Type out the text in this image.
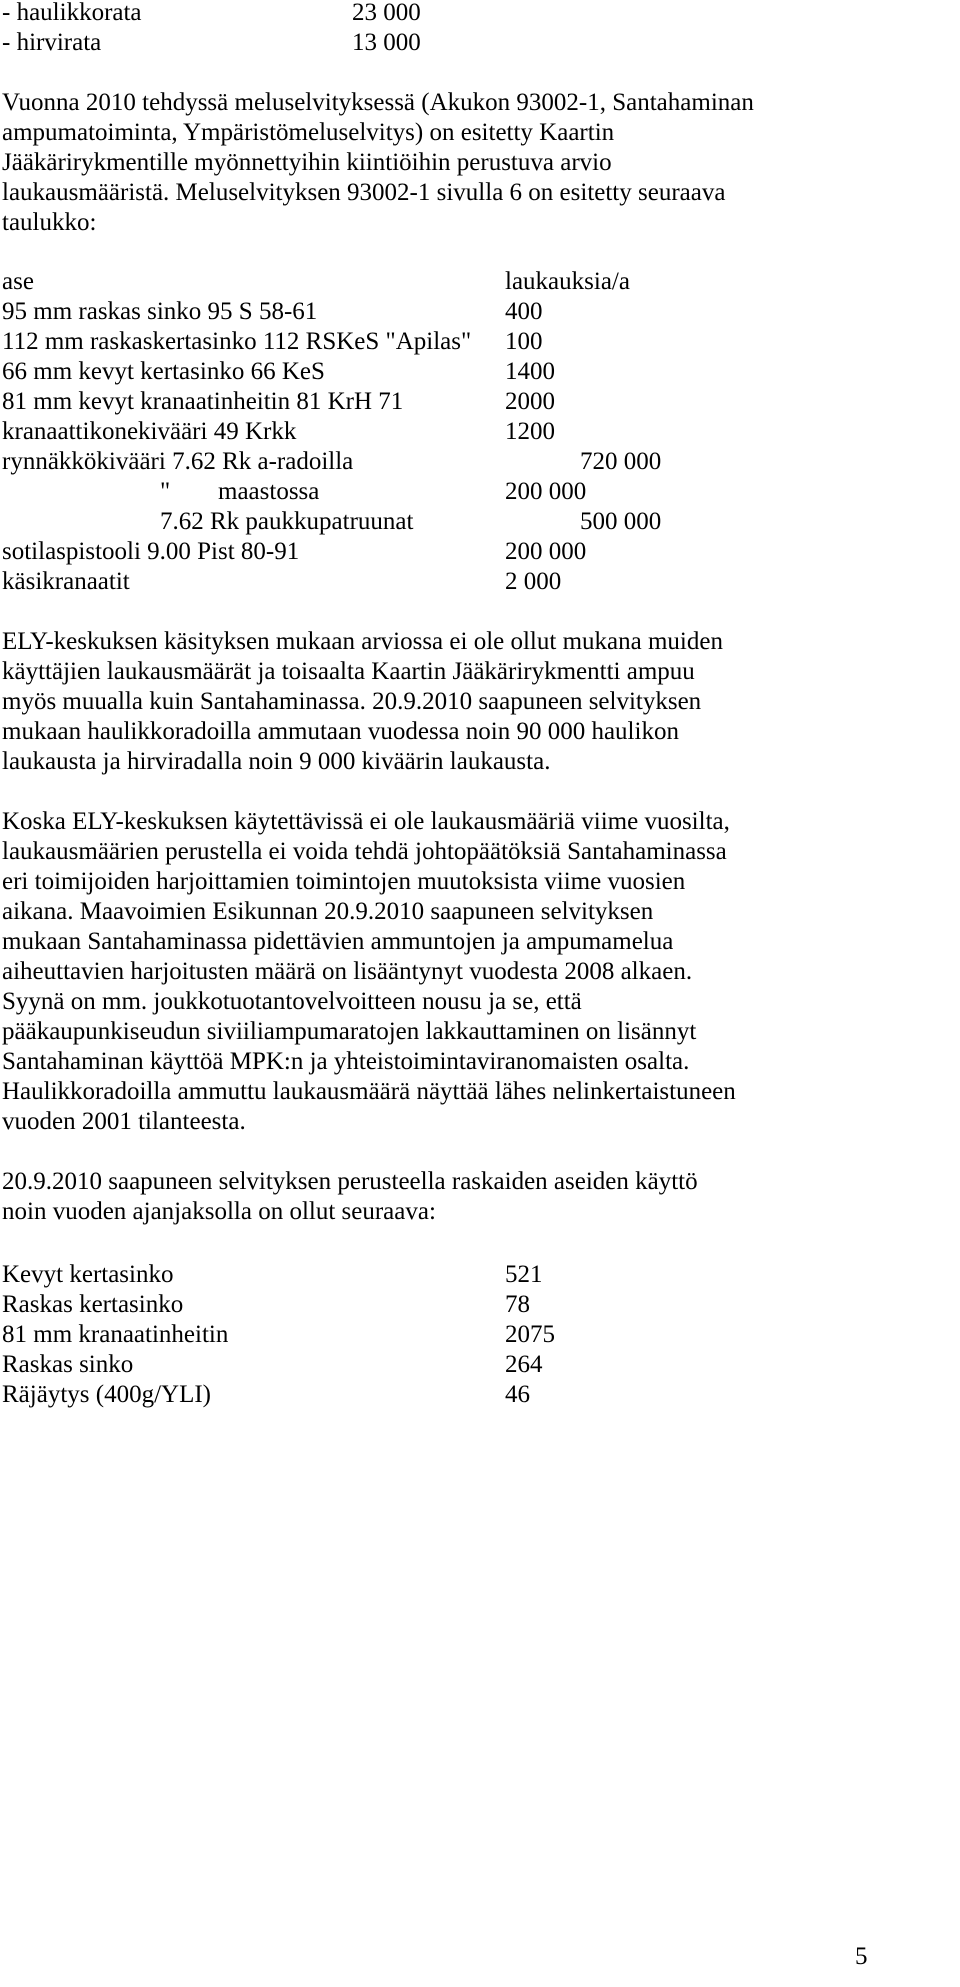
- haulikkorata	23 000
- hirvirata	13 000
Vuonna 2010 tehdyssä meluselvityksessä (Akukon 93002-1, Santahaminan
ampumatoiminta, Ympäristömeluselvitys) on esitetty Kaartin
Jääkärirykmentille myönnettyihin kiintiöihin perustuva arvio
laukausmääristä. Meluselvityksen 93002-1 sivulla 6 on esitetty seuraava
taulukko:
ase	laukauksia/a
95 mm raskas sinko 95 S 58-61	400
112 mm raskaskertasinko 112 RSKeS "Apilas" 100
66 mm kevyt kertasinko 66 KeS	1400
81 mm kevyt kranaatinheitin 81 KrH 71	2000
kranaattikonekivääri 49 Krkk	1200
rynnäkkökivääri 7.62 Rk a-radoilla	720 000
" maastossa	200 000
7.62 Rk paukkupatruunat	500 000
sotilaspistooli 9.00 Pist 80-91	200 000
käsikranaatit	2 000
ELY-keskuksen käsityksen mukaan arviossa ei ole ollut mukana muiden
käyttäjien laukausmäärät ja toisaalta Kaartin Jääkärirykmentti ampuu
myös muualla kuin Santahaminassa. 20.9.2010 saapuneen selvityksen
mukaan haulikkoradoilla ammutaan vuodessa noin 90 000 haulikon
laukausta ja hirviradalla noin 9 000 kiväärin laukausta.
Koska ELY-keskuksen käytettävissä ei ole laukausmääriä viime vuosilta,
laukausmäärien perustella ei voida tehdä johtopäätöksiä Santahaminassa
eri toimijoiden harjoittamien toimintojen muutoksista viime vuosien
aikana. Maavoimien Esikunnan 20.9.2010 saapuneen selvityksen
mukaan Santahaminassa pidettävien ammuntojen ja ampumamelua
aiheuttavien harjoitusten määrä on lisääntynyt vuodesta 2008 alkaen.
Syynä on mm. joukkotuotantovelvoitteen nousu ja se, että
pääkaupunkiseudun siviiliampumaratojen lakkauttaminen on lisännyt
Santahaminan käyttöä MPK:n ja yhteistoimintaviranomaisten osalta.
Haulikkoradoilla ammuttu laukausmäärä näyttää lähes nelinkertaistuneen
vuoden 2001 tilanteesta.
20.9.2010 saapuneen selvityksen perusteella raskaiden aseiden käyttö
noin vuoden ajanjaksolla on ollut seuraava:
Kevyt kertasinko	521
Raskas kertasinko	78
81 mm kranaatinheitin	2075
Raskas sinko	264
Räjäytys (400g/YLI)	46
5
